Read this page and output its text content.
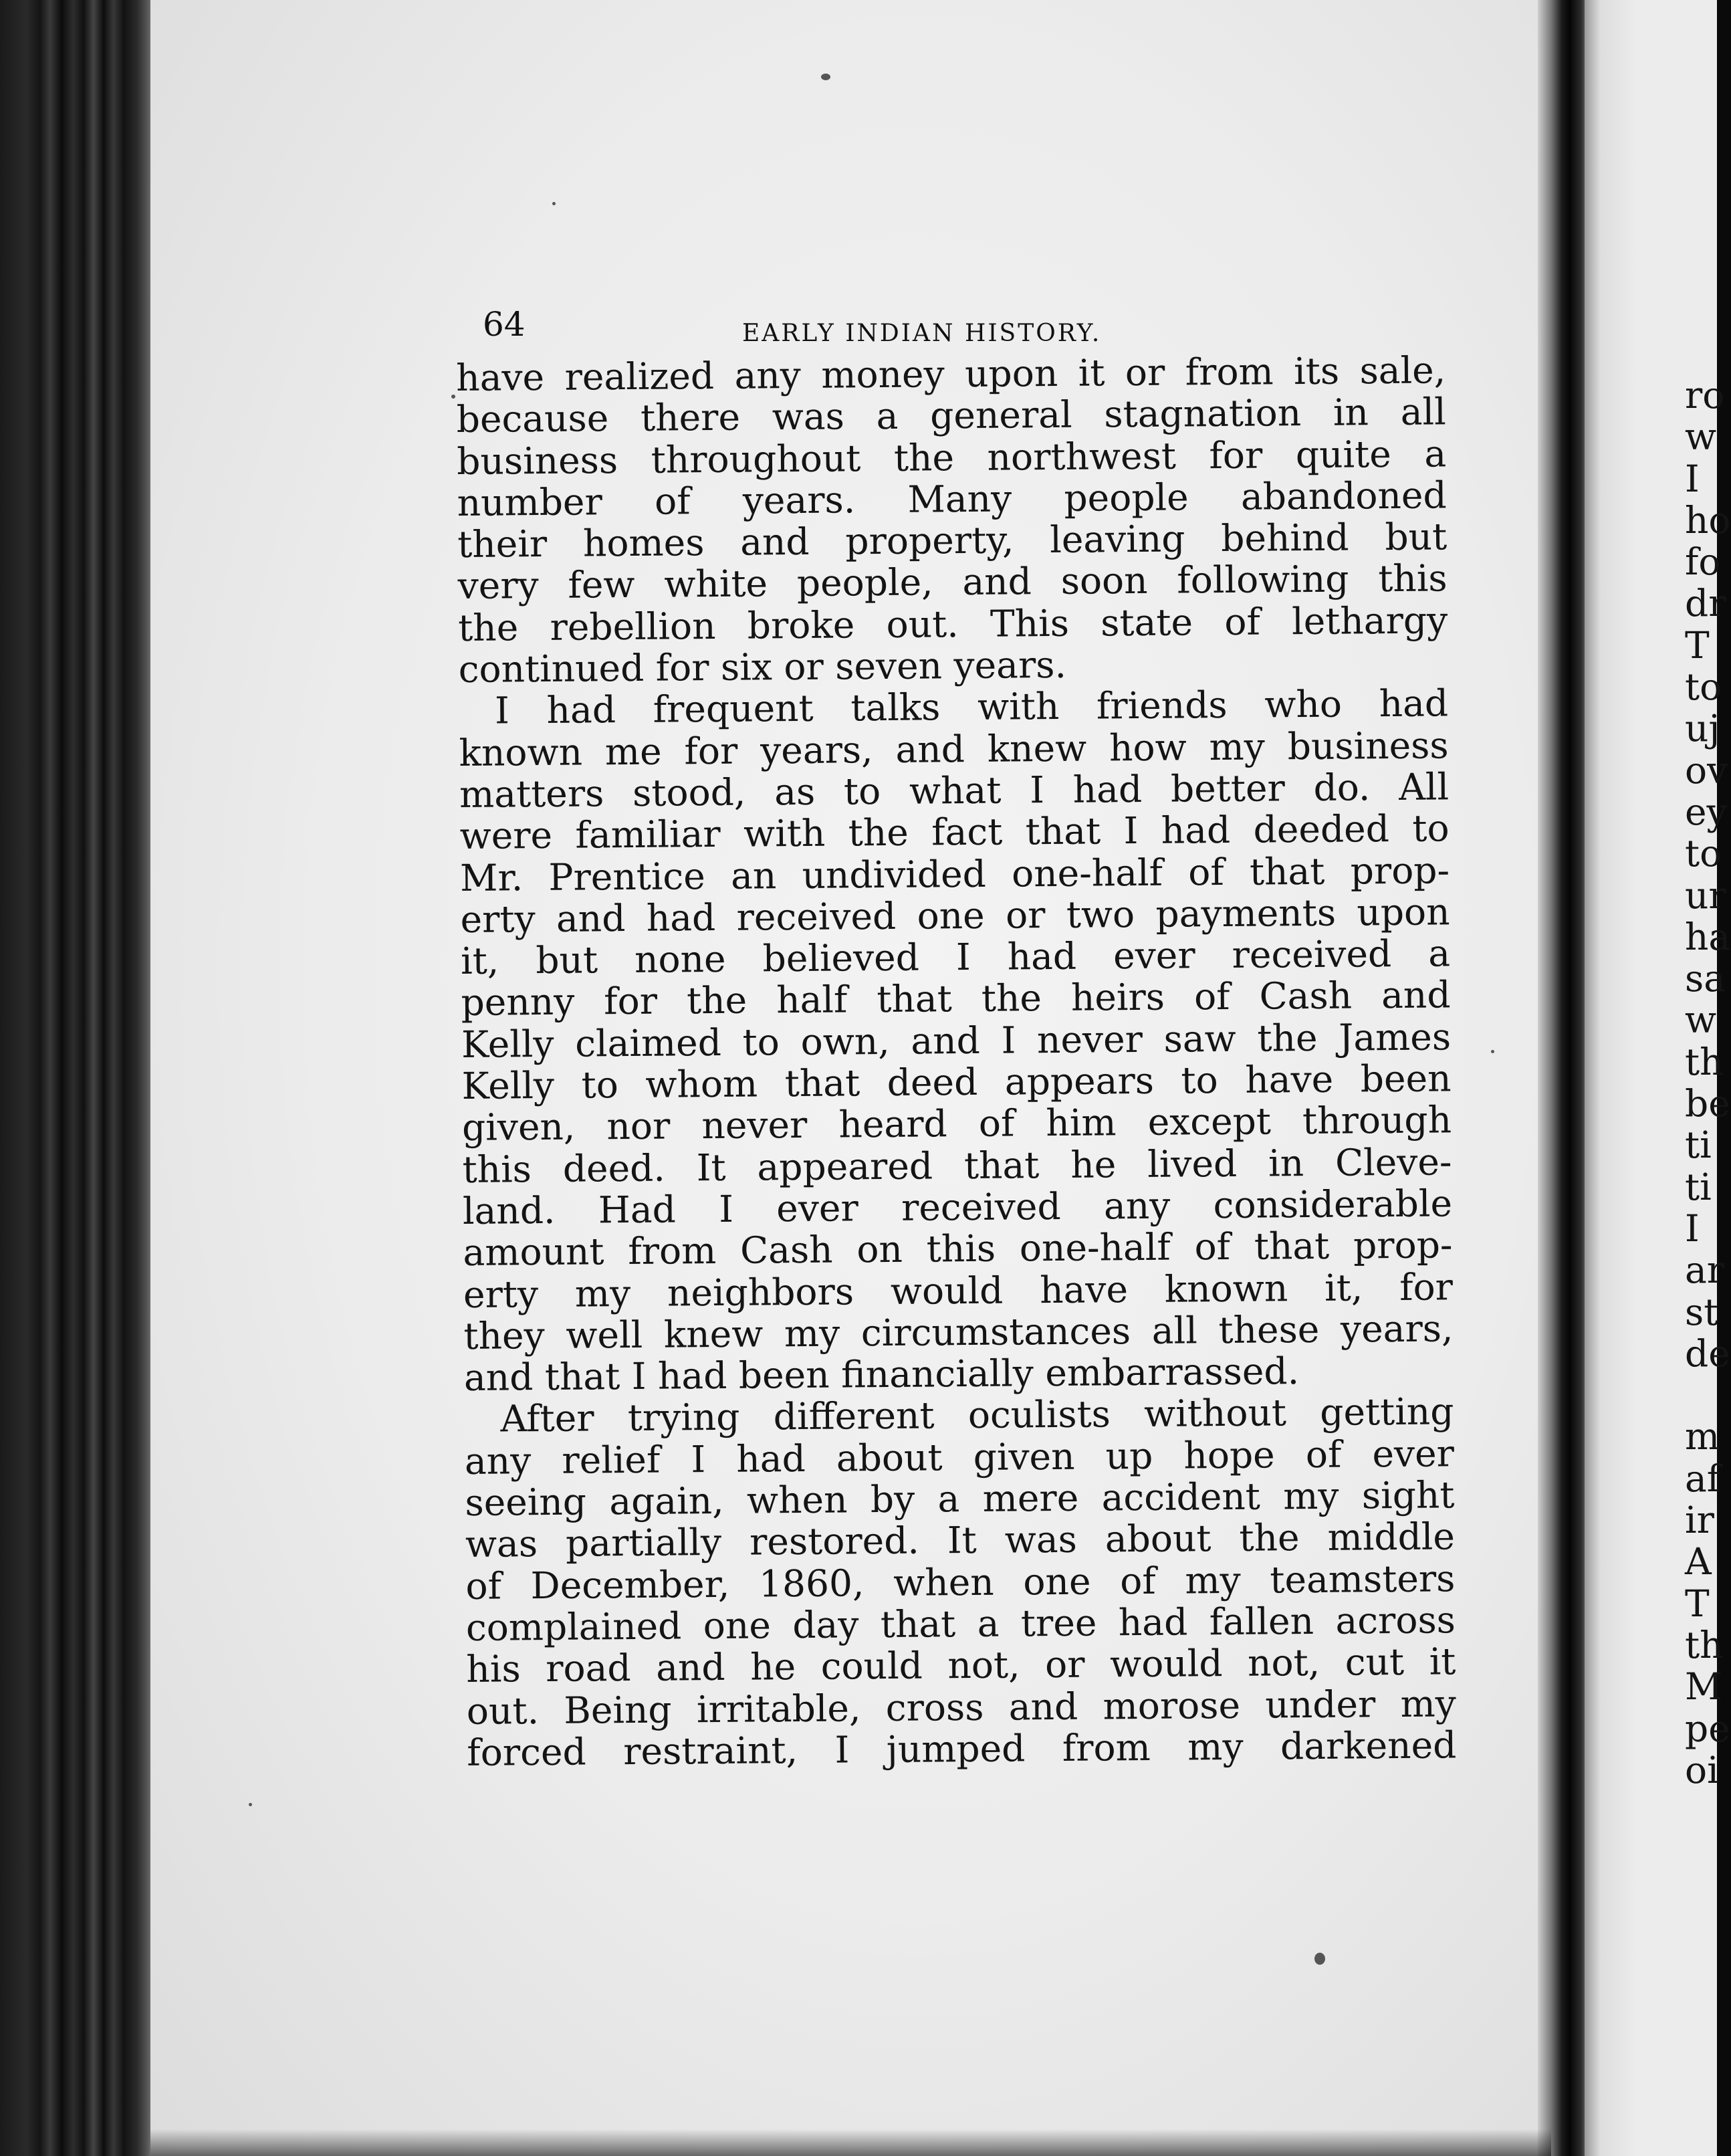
64	EARLY INDIAN HISTORY.
have realized any money upon it or from its sale,
because there was a general stagnation in all
business throughout the northwest for quite a
number of years. Many people abandoned
their homes and property, leaving behind but
very few white people, and soon following this
the rebellion broke out. This state of lethargy
continued for six or seven years.
I had frequent talks with friends who had
known me for years, and knew how my business
matters stood, as to what I had better do. All
were familiar with the fact that I had deeded to
Mr. Prentice an undivided one-half of that prop-
erty and had received one or two payments upon
it, but none believed I had ever received a
penny for the half that the heirs of Cash and
Kelly claimed to own, and I never saw the James
Kelly to whom that deed appears to have been
given, nor never heard of him except through
this deed. It appeared that he lived in Cleve-
land. Had I ever received any considerable
amount from Cash on this one-half of that prop-
erty my neighbors would have known it, for
they well knew my circumstances all these years,
and that I had been financially embarrassed.
After trying different oculists without getting
any relief I had about given up hope of ever
seeing again, when by a mere accident my sight
was partially restored. It was about the middle
of December, 1860, when one of my teamsters
complained one day that a tree had fallen across
his road and he could not, or would not, cut it
out. Being irritable, cross and morose under my
forced restraint, I jumped from my darkened
ro
w
I
ho
fo
dr
T
to
uj
ov
ey
to
ur
ha
sa
w
th
be
ti
ti
I
ar
st
de
m
af
ir
A
T
th
M
pe
oi
